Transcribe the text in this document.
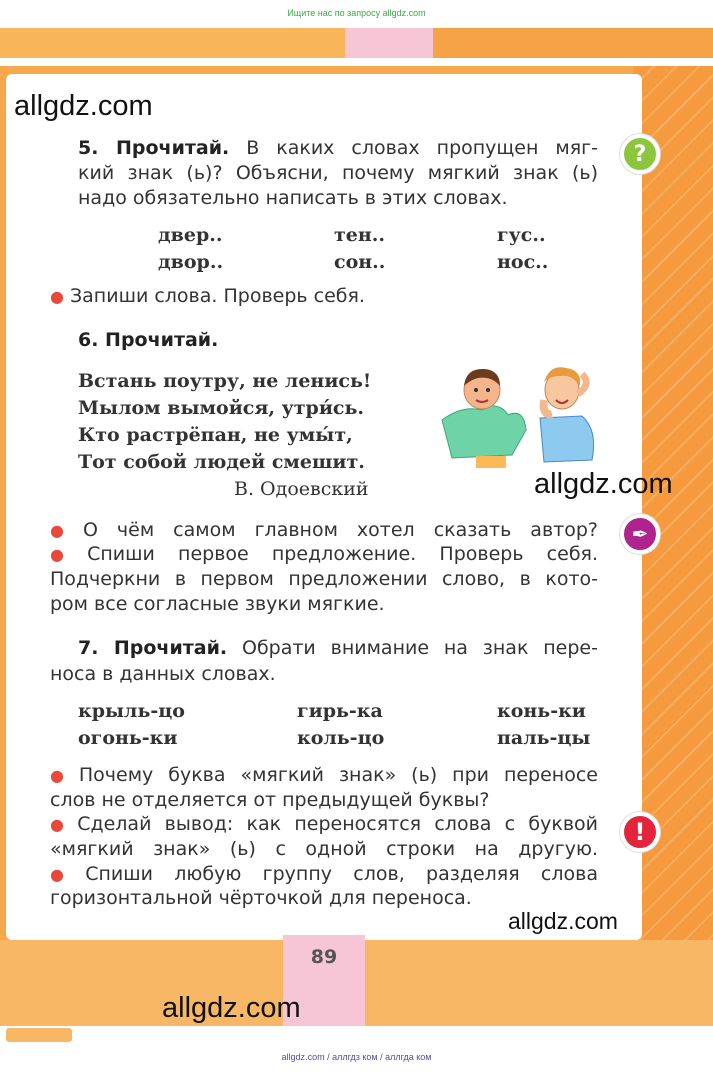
Ищите нас по запросу allgdz.com
allgdz.com
allgdz.com
allgdz.com
allgdz.com
5. Прочитай. В каких словах пропущен мяг-
кий знак (ь)? Объясни, почему мягкий знак (ь)
надо обязательно написать в этих словах.
двер..
двор..
тен..
сон..
гус..
нос..
● Запиши слова. Проверь себя.
?
6. Прочитай.
Встань поутру, не ленись!
Мылом вымойся, утри́сь.
Кто растрёпан, не умы́т,
Тот собой людей смешит.
В. Одоевский
● О чём самом главном хотел сказать автор?
● Спиши первое предложение. Проверь себя.
Подчеркни в первом предложении слово, в кото-
ром все согласные звуки мягкие.
✒
7. Прочитай. Обрати внимание на знак пере-
носа в данных словах.
крыль-цо
огонь-ки
гирь-ка
коль-цо
конь-ки
паль-цы
● Почему буква «мягкий знак» (ь) при переносе
слов не отделяется от предыдущей буквы?
● Сделай вывод: как переносятся слова с буквой
«мягкий знак» (ь) с одной строки на другую.
● Спиши любую группу слов, разделяя слова
горизонтальной чёрточкой для переноса.
!
89
allgdz.com / аллгдз ком / аллгда ком
